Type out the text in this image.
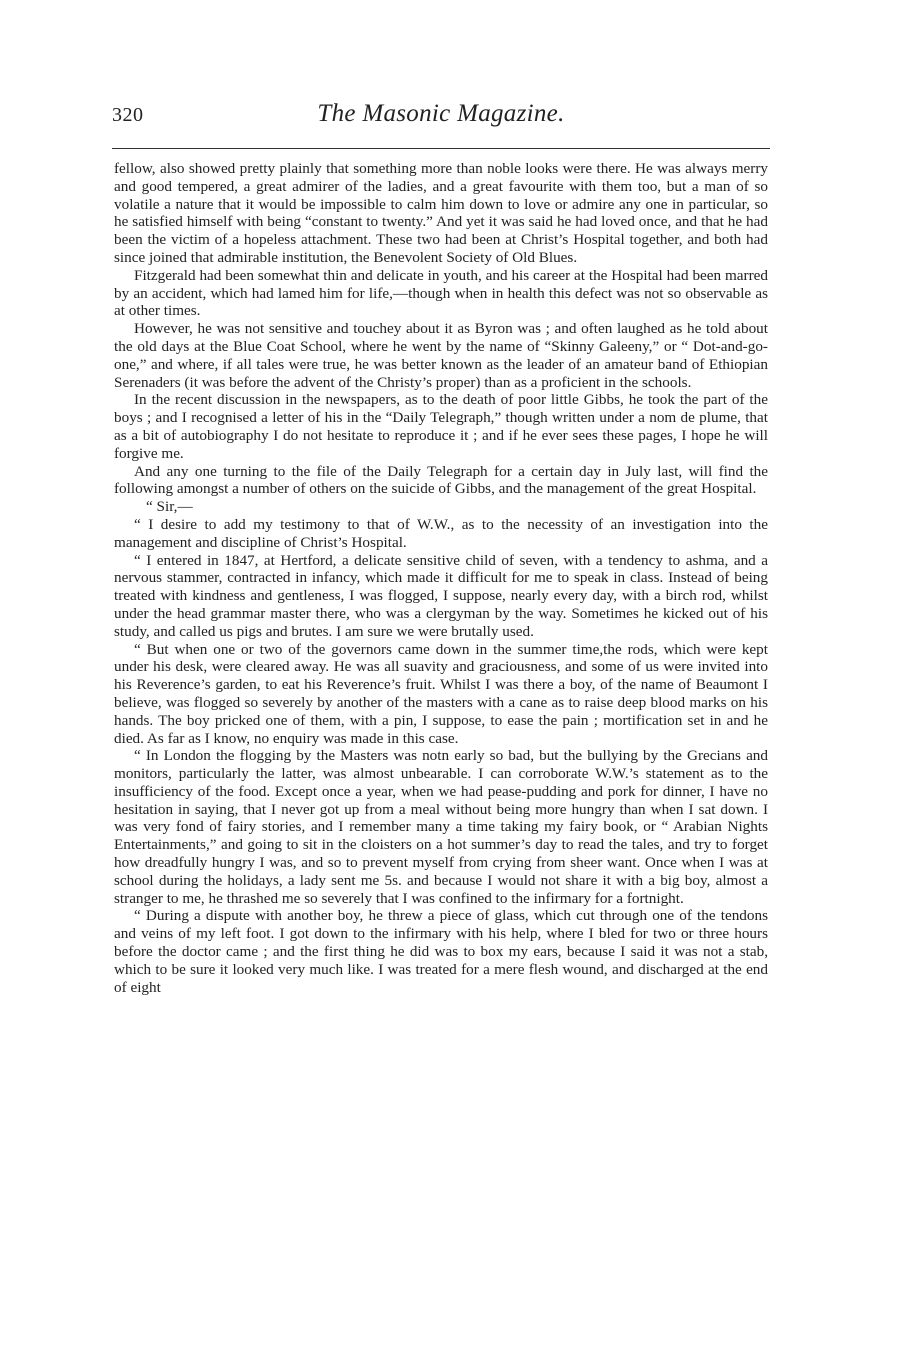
320	The Masonic Magazine.

fellow, also showed pretty plainly that something more than noble looks were there. He was always merry and good tempered, a great admirer of the ladies, and a great favourite with them too, but a man of so volatile a nature that it would be impossible to calm him down to love or admire any one in particular, so he satisfied himself with being “constant to twenty.” And yet it was said he had loved once, and that he had been the victim of a hopeless attachment. These two had been at Christ’s Hospital together, and both had since joined that admirable institution, the Benevolent Society of Old Blues.

Fitzgerald had been somewhat thin and delicate in youth, and his career at the Hospital had been marred by an accident, which had lamed him for life,—though when in health this defect was not so observable as at other times.

However, he was not sensitive and touchey about it as Byron was ; and often laughed as he told about the old days at the Blue Coat School, where he went by the name of “Skinny Galeeny,” or “ Dot-and-go-one,” and where, if all tales were true, he was better known as the leader of an amateur band of Ethiopian Serenaders (it was before the advent of the Christy’s proper) than as a proficient in the schools.

In the recent discussion in the newspapers, as to the death of poor little Gibbs, he took the part of the boys ; and I recognised a letter of his in the “Daily Telegraph,” though written under a nom de plume, that as a bit of autobiography I do not hesitate to reproduce it ; and if he ever sees these pages, I hope he will forgive me.

And any one turning to the file of the Daily Telegraph for a certain day in July last, will find the following amongst a number of others on the suicide of Gibbs, and the management of the great Hospital.

“ Sir,—

“ I desire to add my testimony to that of W.W., as to the necessity of an investigation into the management and discipline of Christ’s Hospital.

“ I entered in 1847, at Hertford, a delicate sensitive child of seven, with a tendency to ashma, and a nervous stammer, contracted in infancy, which made it difficult for me to speak in class. Instead of being treated with kindness and gentleness, I was flogged, I suppose, nearly every day, with a birch rod, whilst under the head grammar master there, who was a clergyman by the way. Sometimes he kicked out of his study, and called us pigs and brutes. I am sure we were brutally used.

“ But when one or two of the governors came down in the summer time,the rods, which were kept under his desk, were cleared away. He was all suavity and graciousness, and some of us were invited into his Reverence’s garden, to eat his Reverence’s fruit. Whilst I was there a boy, of the name of Beaumont I believe, was flogged so severely by another of the masters with a cane as to raise deep blood marks on his hands. The boy pricked one of them, with a pin, I suppose, to ease the pain ; mortification set in and he died. As far as I know, no enquiry was made in this case.

“ In London the flogging by the Masters was notn early so bad, but the bullying by the Grecians and monitors, particularly the latter, was almost unbearable. I can corroborate W.W.’s statement as to the insufficiency of the food. Except once a year, when we had pease-pudding and pork for dinner, I have no hesitation in saying, that I never got up from a meal without being more hungry than when I sat down. I was very fond of fairy stories, and I remember many a time taking my fairy book, or “ Arabian Nights Entertainments,” and going to sit in the cloisters on a hot summer’s day to read the tales, and try to forget how dreadfully hungry I was, and so to prevent myself from crying from sheer want. Once when I was at school during the holidays, a lady sent me 5s. and because I would not share it with a big boy, almost a stranger to me, he thrashed me so severely that I was confined to the infirmary for a fortnight.

“ During a dispute with another boy, he threw a piece of glass, which cut through one of the tendons and veins of my left foot. I got down to the infirmary with his help, where I bled for two or three hours before the doctor came ; and the first thing he did was to box my ears, because I said it was not a stab, which to be sure it looked very much like. I was treated for a mere flesh wound, and discharged at the end of eight
